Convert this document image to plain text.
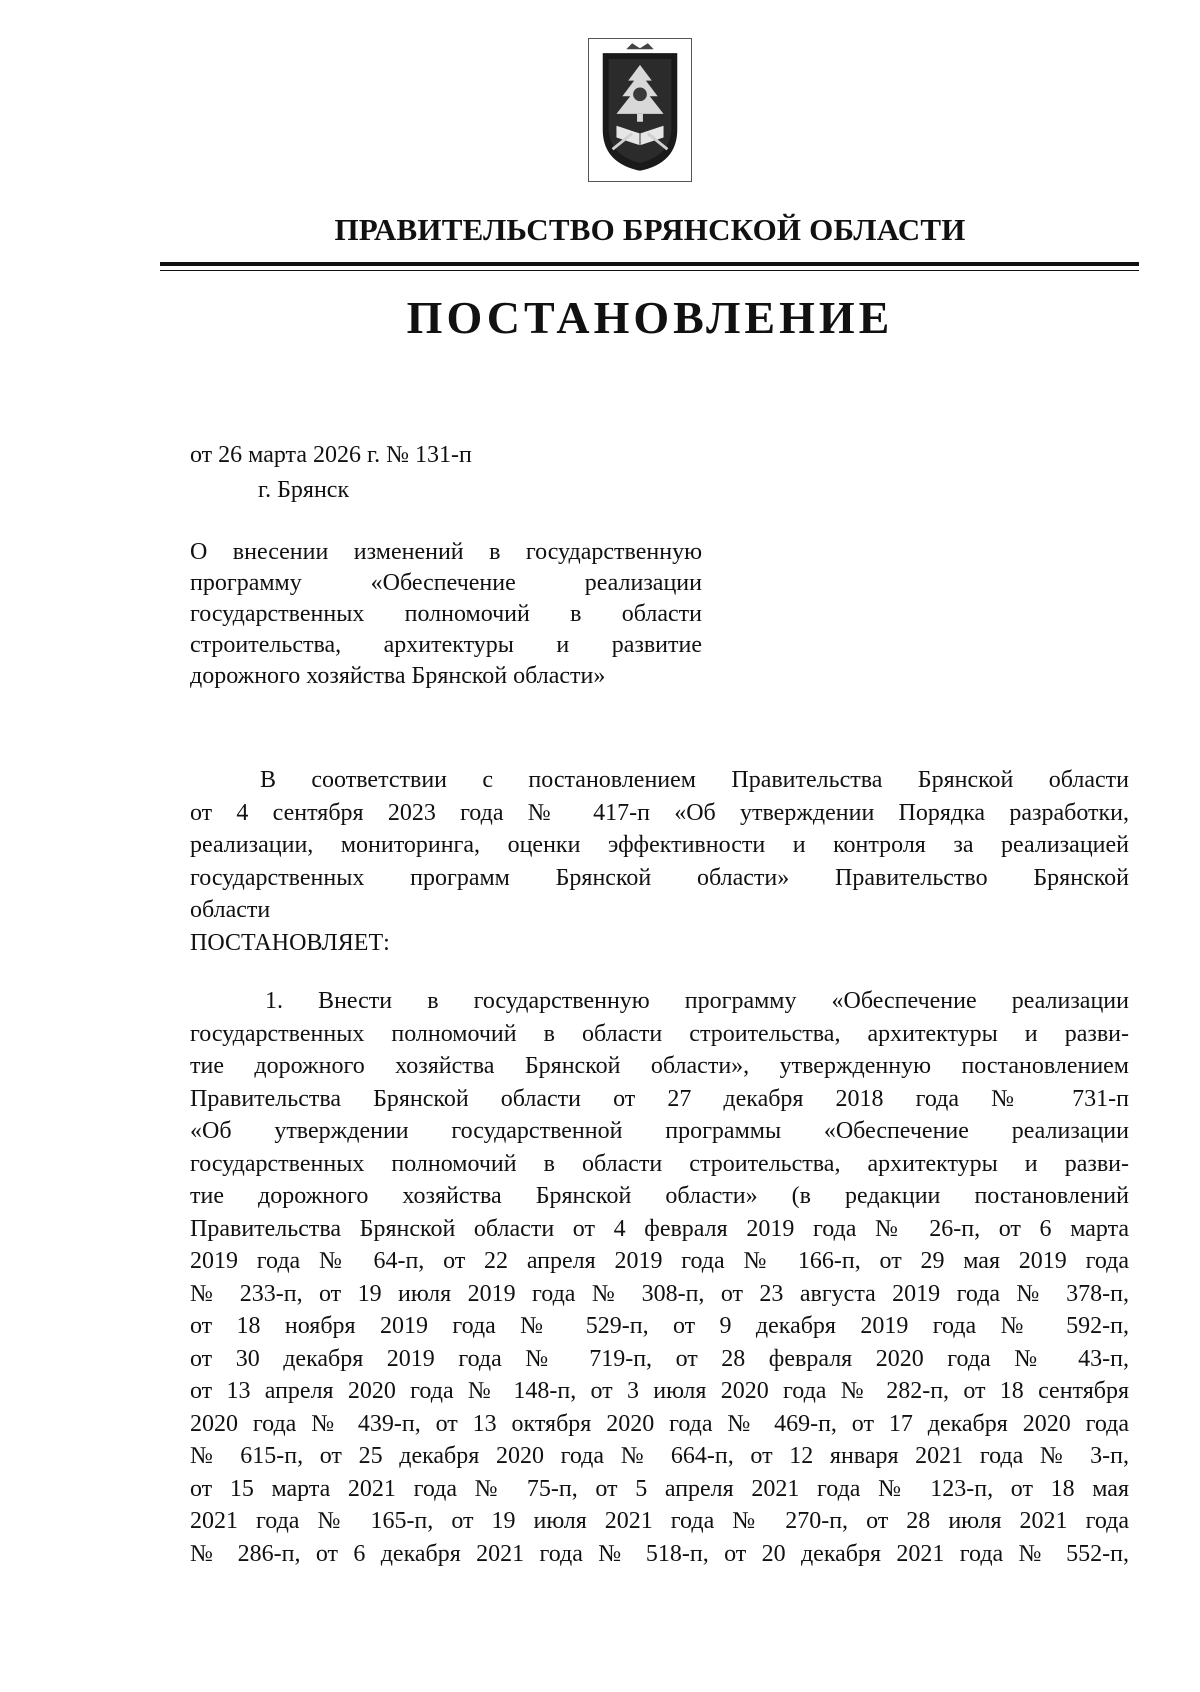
ПРАВИТЕЛЬСТВО БРЯНСКОЙ ОБЛАСТИ
ПОСТАНОВЛЕНИЕ
от 26 марта 2026 г. № 131-п
г. Брянск
О внесении изменений в государственную
программу «Обеспечение реализации
государственных полномочий в области
строительства, архитектуры и развитие
дорожного хозяйства Брянской области»
В соответствии с постановлением Правительства Брянской области
от 4 сентября 2023 года № 417-п «Об утверждении Порядка разработки,
реализации, мониторинга, оценки эффективности и контроля за реализацией
государственных программ Брянской области» Правительство Брянской
области
ПОСТАНОВЛЯЕТ:
1. Внести в государственную программу «Обеспечение реализации
государственных полномочий в области строительства, архитектуры и разви-
тие дорожного хозяйства Брянской области», утвержденную постановлением
Правительства Брянской области от 27 декабря 2018 года № 731-п
«Об утверждении государственной программы «Обеспечение реализации
государственных полномочий в области строительства, архитектуры и разви-
тие дорожного хозяйства Брянской области» (в редакции постановлений
Правительства Брянской области от 4 февраля 2019 года № 26-п, от 6 марта
2019 года № 64-п, от 22 апреля 2019 года № 166-п, от 29 мая 2019 года
№ 233-п, от 19 июля 2019 года № 308-п, от 23 августа 2019 года № 378-п,
от 18 ноября 2019 года № 529-п, от 9 декабря 2019 года № 592-п,
от 30 декабря 2019 года № 719-п, от 28 февраля 2020 года № 43-п,
от 13 апреля 2020 года № 148-п, от 3 июля 2020 года № 282-п, от 18 сентября
2020 года № 439-п, от 13 октября 2020 года № 469-п, от 17 декабря 2020 года
№ 615-п, от 25 декабря 2020 года № 664-п, от 12 января 2021 года № 3-п,
от 15 марта 2021 года № 75-п, от 5 апреля 2021 года № 123-п, от 18 мая
2021 года № 165-п, от 19 июля 2021 года № 270-п, от 28 июля 2021 года
№ 286-п, от 6 декабря 2021 года № 518-п, от 20 декабря 2021 года № 552-п,
